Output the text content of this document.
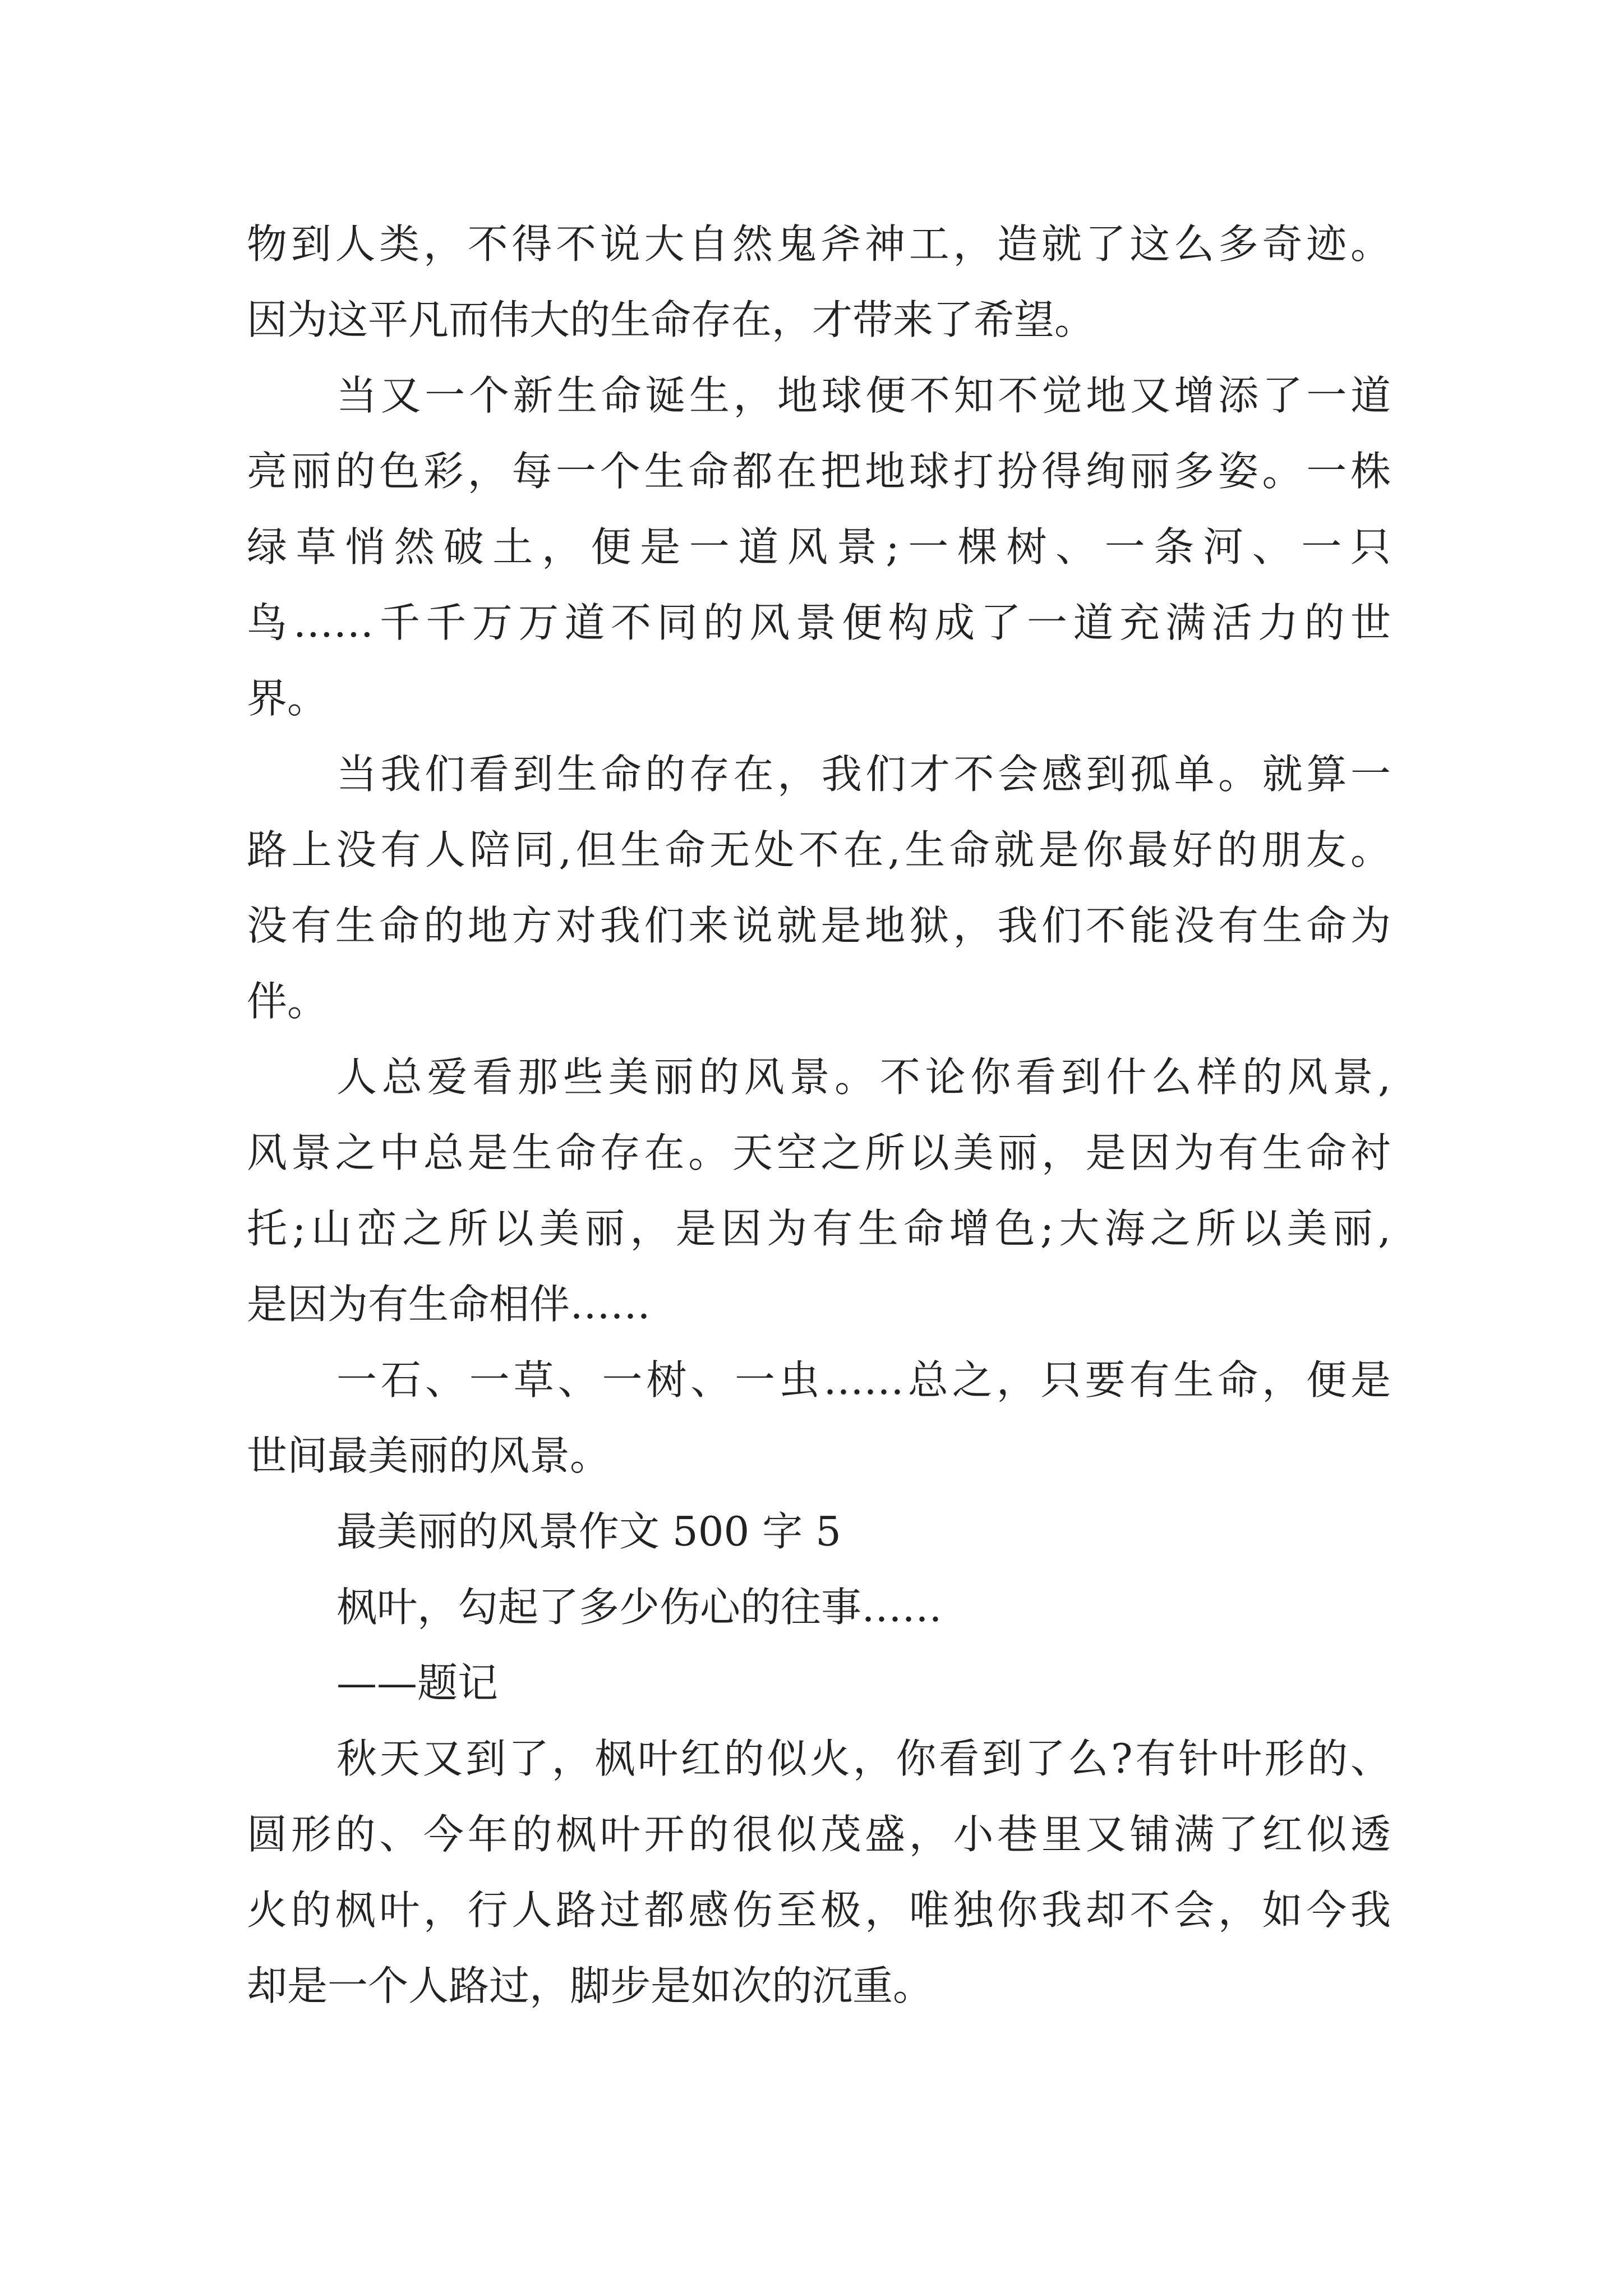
物到人类，不得不说大自然鬼斧神工，造就了这么多奇迹。
因为这平凡而伟大的生命存在，才带来了希望。
当又一个新生命诞生，地球便不知不觉地又增添了一道
亮丽的色彩，每一个生命都在把地球打扮得绚丽多姿。一株
绿草悄然破土，便是一道风景;一棵树、一条河、一只
鸟……千千万万道不同的风景便构成了一道充满活力的世
界。
当我们看到生命的存在，我们才不会感到孤单。就算一
路上没有人陪同,但生命无处不在,生命就是你最好的朋友。
没有生命的地方对我们来说就是地狱，我们不能没有生命为
伴。
人总爱看那些美丽的风景。不论你看到什么样的风景,
风景之中总是生命存在。天空之所以美丽，是因为有生命衬
托;山峦之所以美丽，是因为有生命增色;大海之所以美丽,
是因为有生命相伴……
一石、一草、一树、一虫……总之，只要有生命，便是
世间最美丽的风景。
最美丽的风景作文 500 字 5
枫叶，勾起了多少伤心的往事……
——题记
秋天又到了，枫叶红的似火，你看到了么?有针叶形的、
圆形的、今年的枫叶开的很似茂盛，小巷里又铺满了红似透
火的枫叶，行人路过都感伤至极，唯独你我却不会，如今我
却是一个人路过，脚步是如次的沉重。
